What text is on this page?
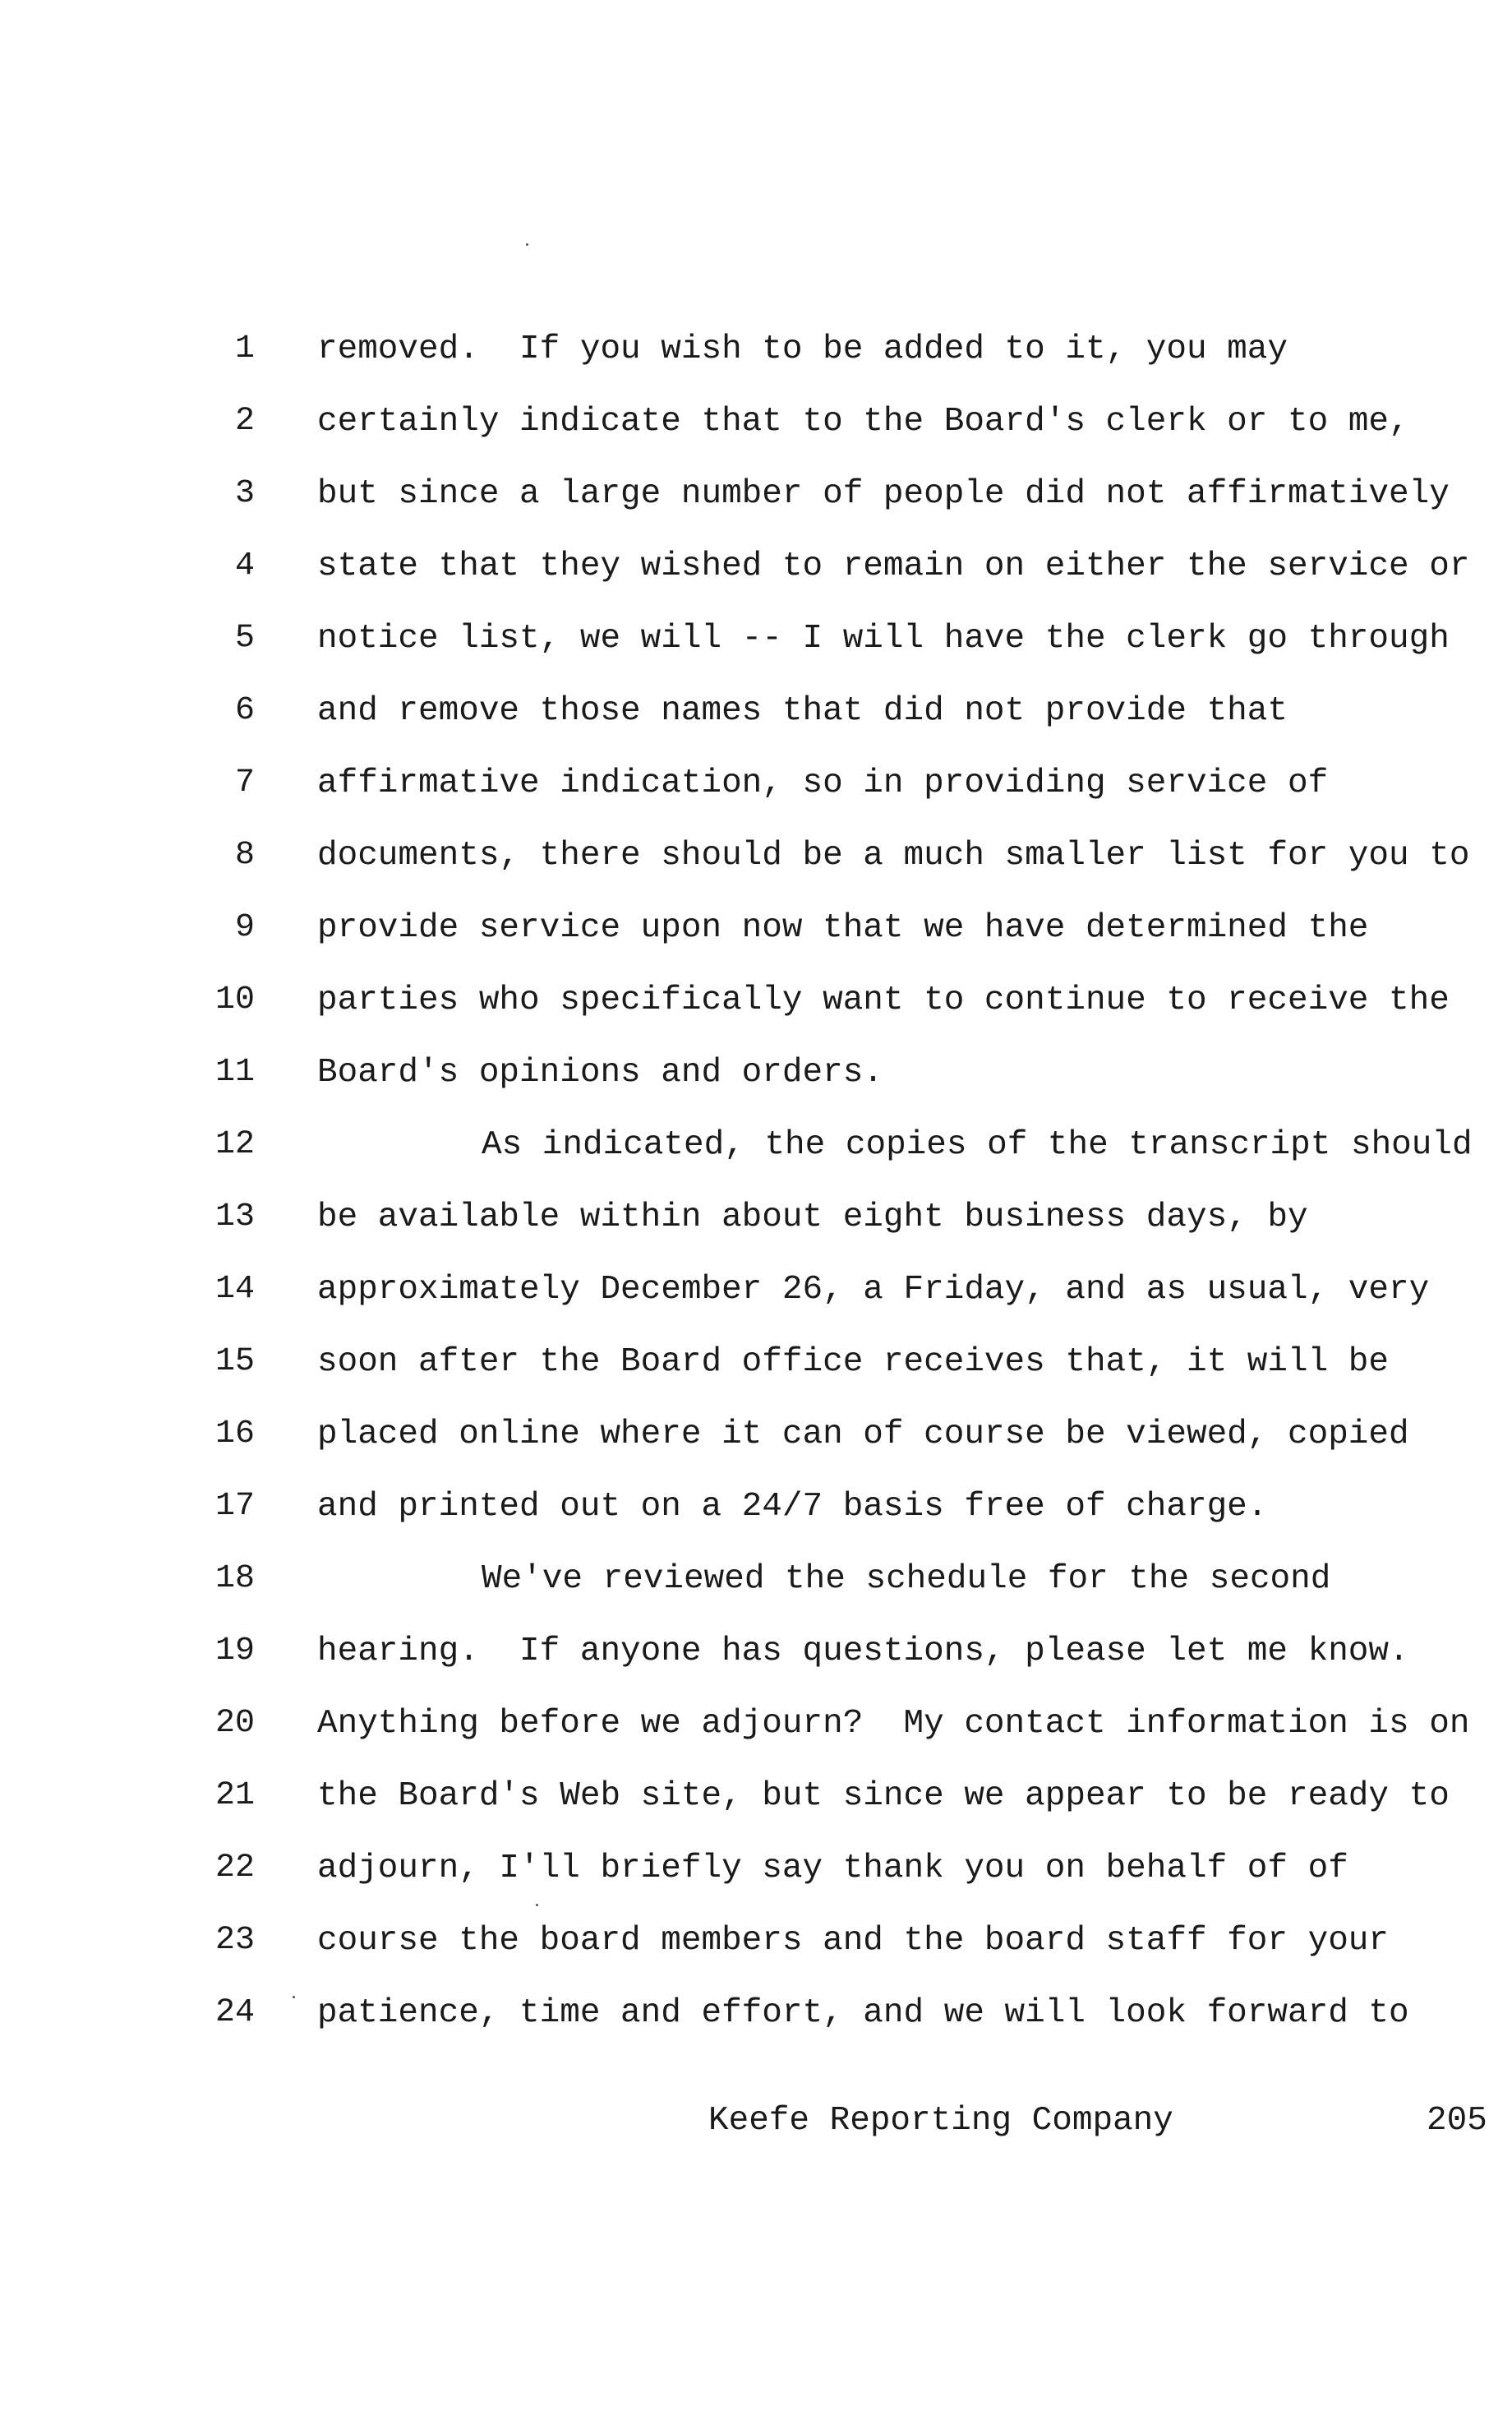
1 removed.  If you wish to be added to it, you may
2 certainly indicate that to the Board's clerk or to me,
3 but since a large number of people did not affirmatively
4 state that they wished to remain on either the service or
5 notice list, we will -- I will have the clerk go through
6 and remove those names that did not provide that
7 affirmative indication, so in providing service of
8 documents, there should be a much smaller list for you to
9 provide service upon now that we have determined the
10 parties who specifically want to continue to receive the
11 Board's opinions and orders.
12	As indicated, the copies of the transcript should
13 be available within about eight business days, by
14 approximately December 26, a Friday, and as usual, very
15 soon after the Board office receives that, it will be
16 placed online where it can of course be viewed, copied
17 and printed out on a 24/7 basis free of charge.
18	We've reviewed the schedule for the second
19 hearing.  If anyone has questions, please let me know.
20 Anything before we adjourn?  My contact information is on
21 the Board's Web site, but since we appear to be ready to
22 adjourn, I'll briefly say thank you on behalf of of
23 course the board members and the board staff for your
24 patience, time and effort, and we will look forward to
Keefe Reporting Company	205
